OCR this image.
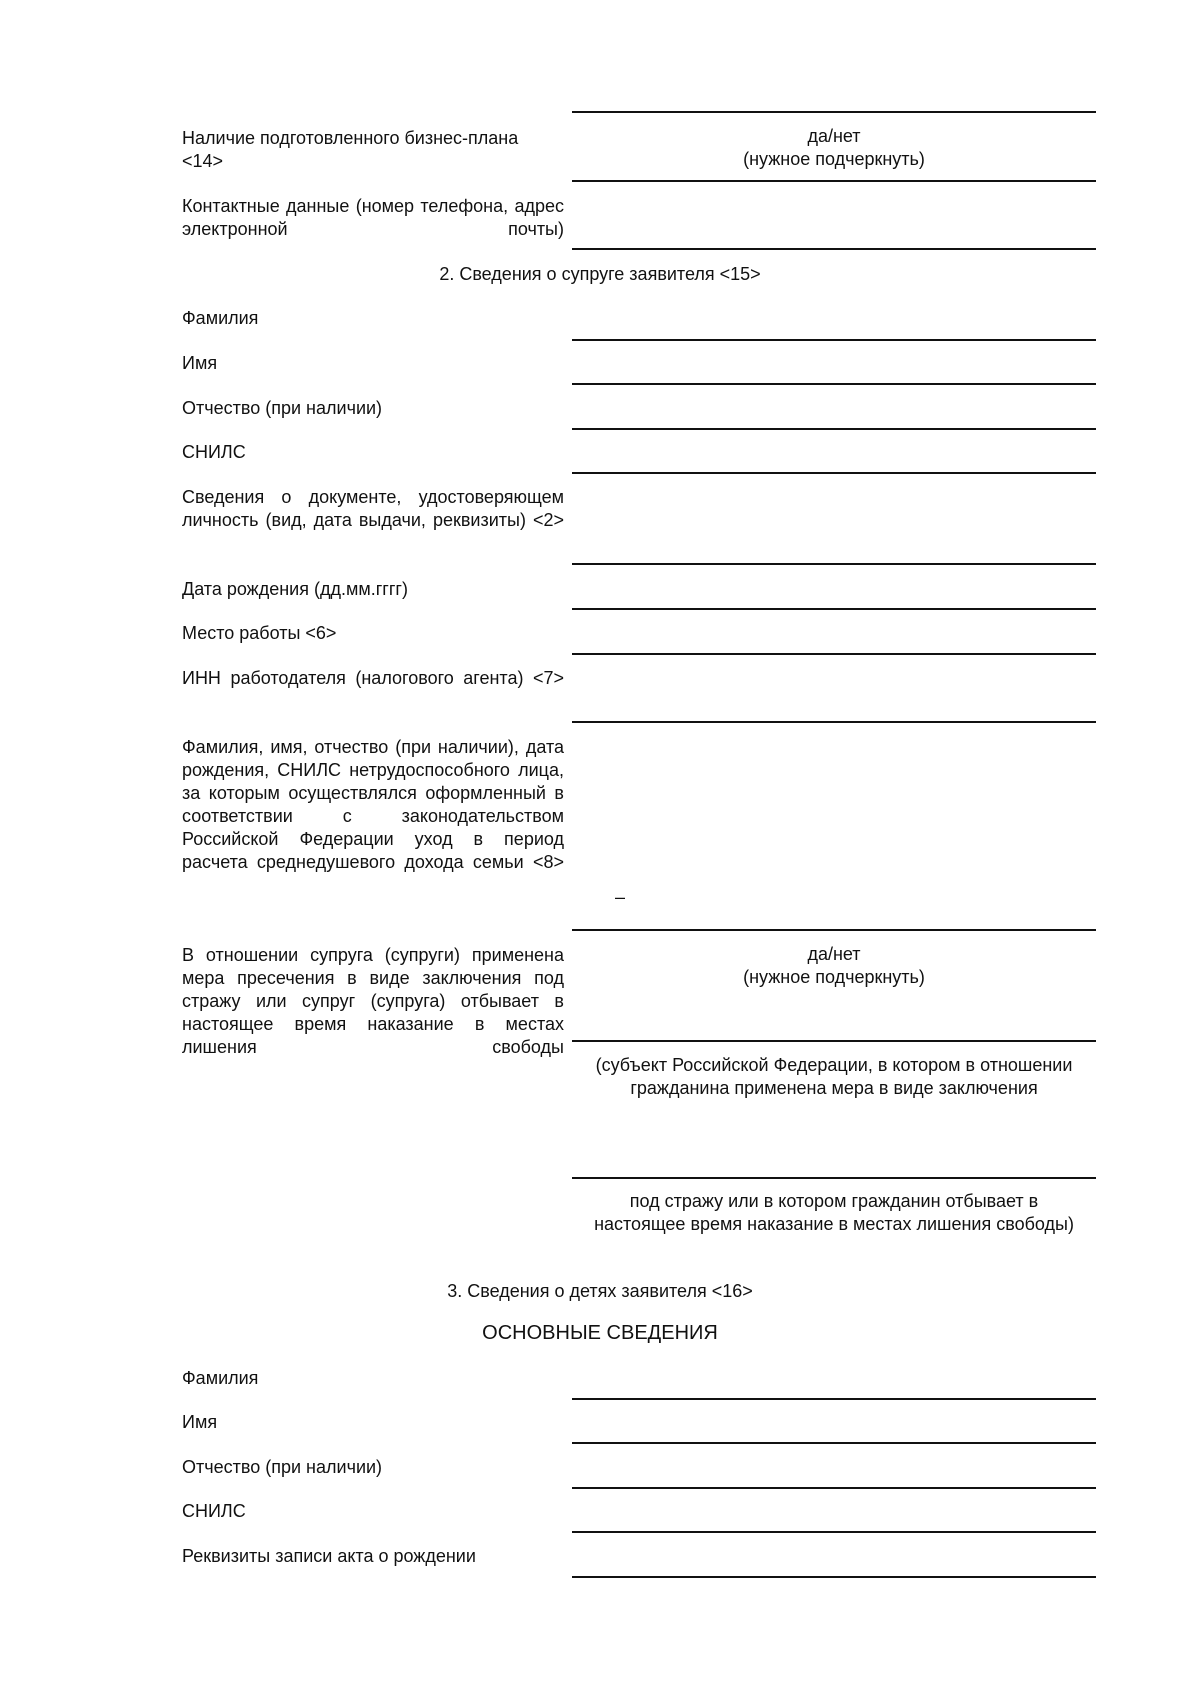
Наличие подготовленного бизнес-плана <14>
да/нет
(нужное подчеркнуть)
Контактные данные (номер телефона, адрес электронной почты)
2. Сведения о супруге заявителя <15>
Фамилия
Имя
Отчество (при наличии)
СНИЛС
Сведения о документе, удостоверяющем личность (вид, дата выдачи, реквизиты) <2>
Дата рождения (дд.мм.гггг)
Место работы <6>
ИНН работодателя (налогового агента) <7>
Фамилия, имя, отчество (при наличии), дата рождения, СНИЛС нетрудоспособного лица, за которым осуществлялся оформленный в соответствии с законодательством Российской Федерации уход в период расчета среднедушевого дохода семьи <8>
–
В отношении супруга (супруги) применена мера пресечения в виде заключения под стражу или супруг (супруга) отбывает в настоящее время наказание в местах лишения свободы
да/нет
(нужное подчеркнуть)
(субъект Российской Федерации, в котором в отношении гражданина применена мера в виде заключения
под стражу или в котором гражданин отбывает в настоящее время наказание в местах лишения свободы)
3. Сведения о детях заявителя <16>
ОСНОВНЫЕ СВЕДЕНИЯ
Фамилия
Имя
Отчество (при наличии)
СНИЛС
Реквизиты записи акта о рождении
